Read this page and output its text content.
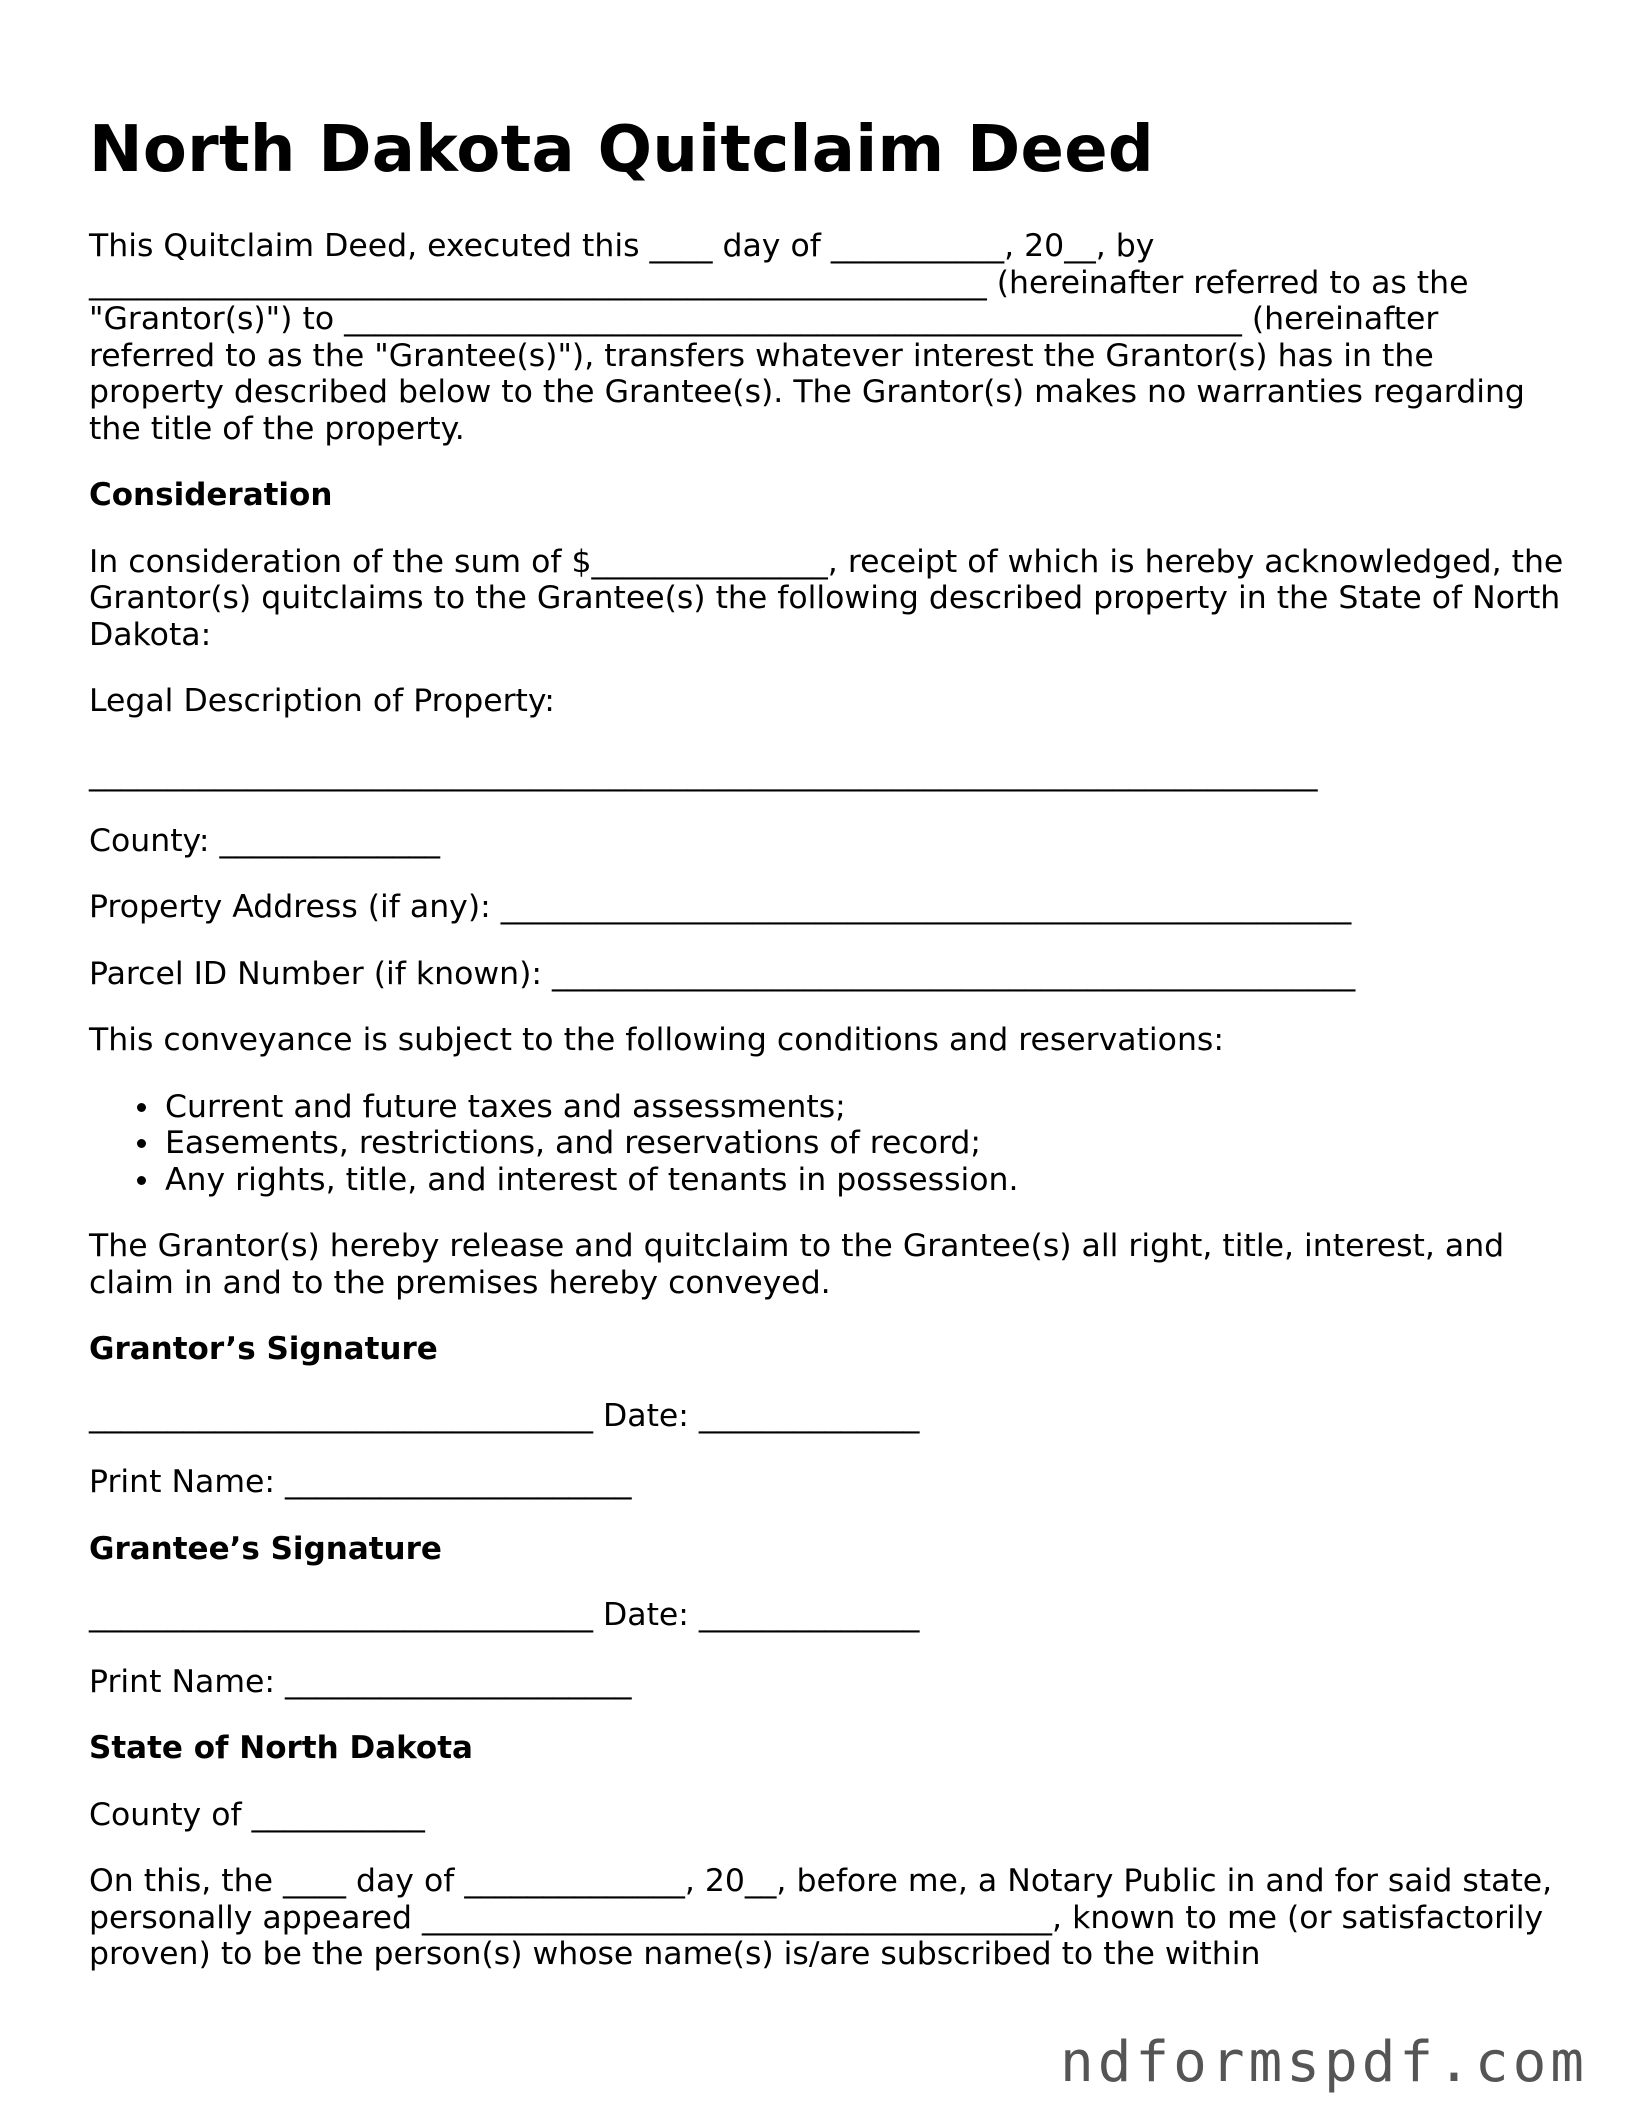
North Dakota Quitclaim Deed

This Quitclaim Deed, executed this ____ day of ___________, 20__, by _________________________________________________________ (hereinafter referred to as the "Grantor(s)") to _________________________________________________________ (hereinafter referred to as the "Grantee(s)"), transfers whatever interest the Grantor(s) has in the property described below to the Grantee(s). The Grantor(s) makes no warranties regarding the title of the property.

Consideration

In consideration of the sum of $_______________, receipt of which is hereby acknowledged, the Grantor(s) quitclaims to the Grantee(s) the following described property in the State of North Dakota:

Legal Description of Property:

______________________________________________________________________________

County: ______________

Property Address (if any): ______________________________________________________

Parcel ID Number (if known): ___________________________________________________

This conveyance is subject to the following conditions and reservations:

Current and future taxes and assessments;
Easements, restrictions, and reservations of record;
Any rights, title, and interest of tenants in possession.

The Grantor(s) hereby release and quitclaim to the Grantee(s) all right, title, interest, and claim in and to the premises hereby conveyed.

Grantor’s Signature

________________________________ Date: ______________

Print Name: ______________________

Grantee’s Signature

________________________________ Date: ______________

Print Name: ______________________

State of North Dakota

County of ___________

On this, the ____ day of ______________, 20__, before me, a Notary Public in and for said state, personally appeared ________________________________________, known to me (or satisfactorily proven) to be the person(s) whose name(s) is/are subscribed to the within

ndformspdf.com
